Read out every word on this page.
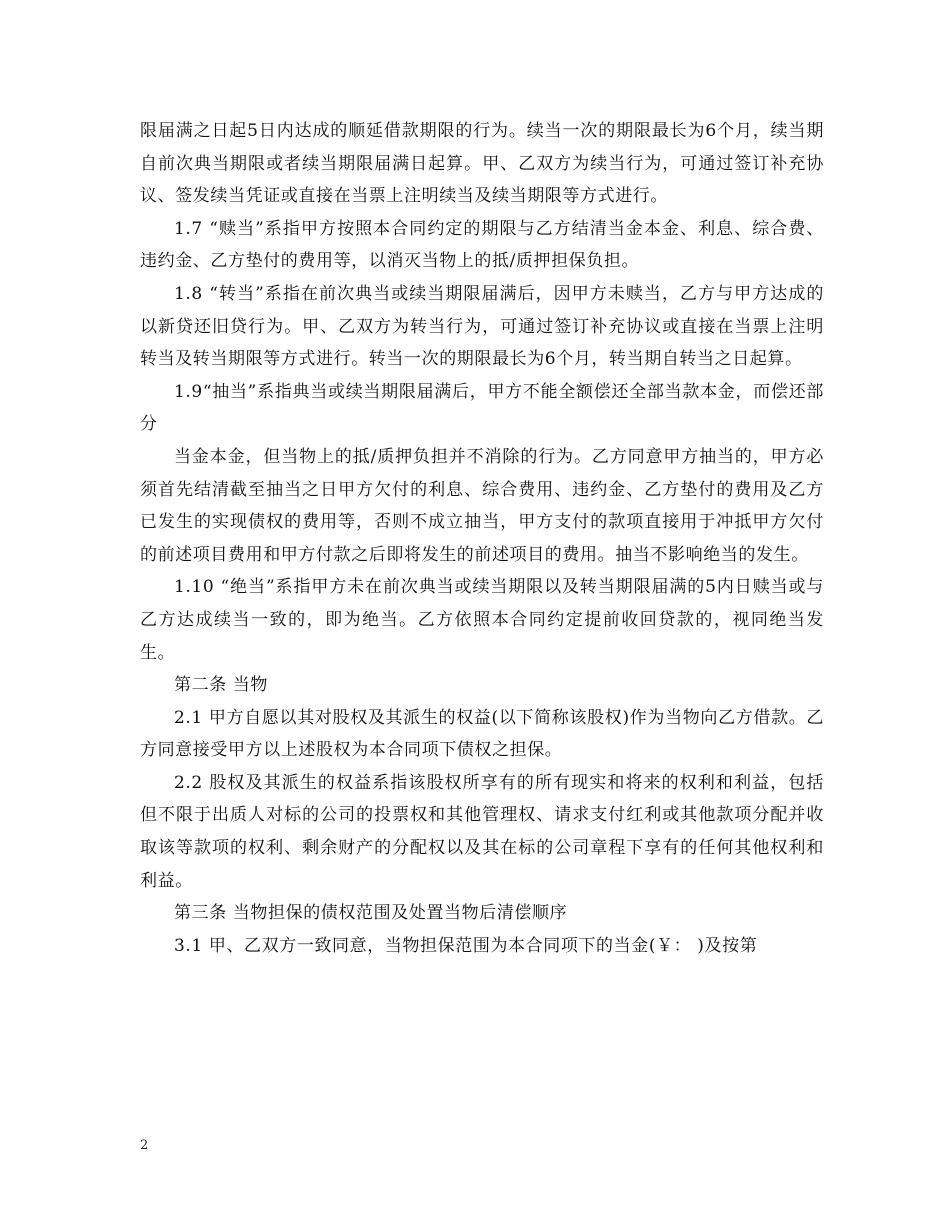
限届满之日起5日内达成的顺延借款期限的行为。续当一次的期限最长为6个月，续当期自前次典当期限或者续当期限届满日起算。甲、乙双方为续当行为，可通过签订补充协议、签发续当凭证或直接在当票上注明续当及续当期限等方式进行。

1.7 “赎当”系指甲方按照本合同约定的期限与乙方结清当金本金、利息、综合费、违约金、乙方垫付的费用等，以消灭当物上的抵/质押担保负担。

1.8 “转当”系指在前次典当或续当期限届满后，因甲方未赎当，乙方与甲方达成的以新贷还旧贷行为。甲、乙双方为转当行为，可通过签订补充协议或直接在当票上注明转当及转当期限等方式进行。转当一次的期限最长为6个月，转当期自转当之日起算。

1.9“抽当”系指典当或续当期限届满后，甲方不能全额偿还全部当款本金，而偿还部分

当金本金，但当物上的抵/质押负担并不消除的行为。乙方同意甲方抽当的，甲方必须首先结清截至抽当之日甲方欠付的利息、综合费用、违约金、乙方垫付的费用及乙方已发生的实现债权的费用等，否则不成立抽当，甲方支付的款项直接用于冲抵甲方欠付的前述项目费用和甲方付款之后即将发生的前述项目的费用。抽当不影响绝当的发生。

1.10 “绝当”系指甲方未在前次典当或续当期限以及转当期限届满的5内日赎当或与乙方达成续当一致的，即为绝当。乙方依照本合同约定提前收回贷款的，视同绝当发生。

第二条 当物

2.1 甲方自愿以其对股权及其派生的权益(以下简称该股权)作为当物向乙方借款。乙方同意接受甲方以上述股权为本合同项下债权之担保。

2.2 股权及其派生的权益系指该股权所享有的所有现实和将来的权利和利益，包括但不限于出质人对标的公司的投票权和其他管理权、请求支付红利或其他款项分配并收取该等款项的权利、剩余财产的分配权以及其在标的公司章程下享有的任何其他权利和利益。

第三条 当物担保的债权范围及处置当物后清偿顺序

3.1 甲、乙双方一致同意，当物担保范围为本合同项下的当金(￥： )及按第

2
